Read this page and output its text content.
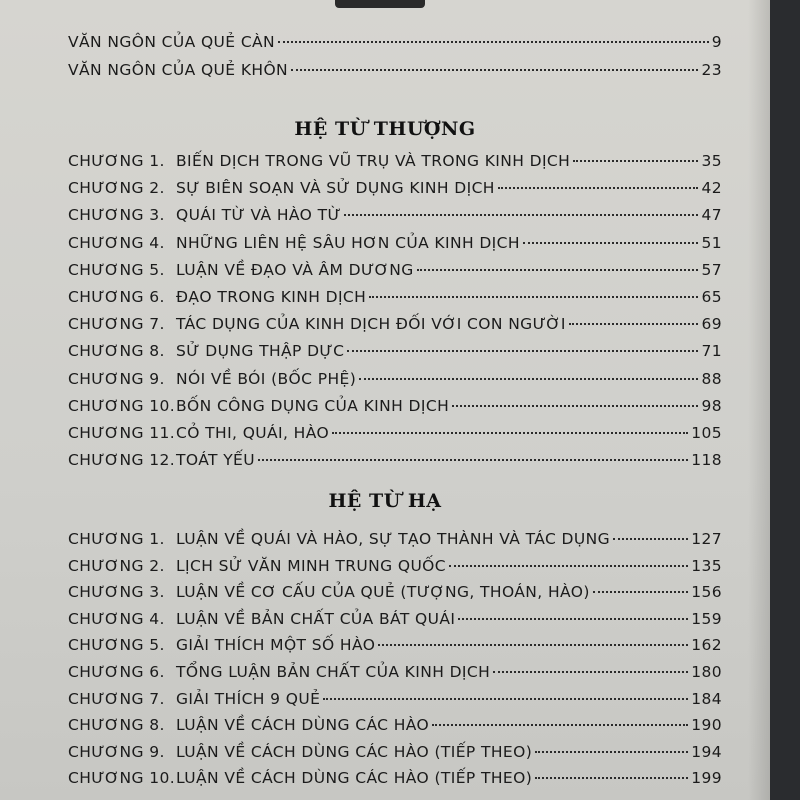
VĂN NGÔN CỦA QUẺ CÀN	9
VĂN NGÔN CỦA QUẺ KHÔN	23
HỆ TỪ THƯỢNG
CHƯƠNG 1. BIẾN DỊCH TRONG VŨ TRỤ VÀ TRONG KINH DỊCH	35
CHƯƠNG 2. SỰ BIÊN SOẠN VÀ SỬ DỤNG KINH DỊCH	42
CHƯƠNG 3. QUÁI TỪ VÀ HÀO TỪ	47
CHƯƠNG 4. NHỮNG LIÊN HỆ SÂU HƠN CỦA KINH DỊCH	51
CHƯƠNG 5. LUẬN VỀ ĐẠO VÀ ÂM DƯƠNG	57
CHƯƠNG 6. ĐẠO TRONG KINH DỊCH	65
CHƯƠNG 7. TÁC DỤNG CỦA KINH DỊCH ĐỐI VỚI CON NGƯỜI	69
CHƯƠNG 8. SỬ DỤNG THẬP DỰC	71
CHƯƠNG 9. NÓI VỀ BÓI (BỐC PHỆ)	88
CHƯƠNG 10. BỐN CÔNG DỤNG CỦA KINH DỊCH	98
CHƯƠNG 11. CỎ THI, QUÁI, HÀO	105
CHƯƠNG 12. TOÁT YẾU	118
HỆ TỪ HẠ
CHƯƠNG 1. LUẬN VỀ QUÁI VÀ HÀO, SỰ TẠO THÀNH VÀ TÁC DỤNG	127
CHƯƠNG 2. LỊCH SỬ VĂN MINH TRUNG QUỐC	135
CHƯƠNG 3. LUẬN VỀ CƠ CẤU CỦA QUẺ (TƯỢNG, THOÁN, HÀO)	156
CHƯƠNG 4. LUẬN VỀ BẢN CHẤT CỦA BÁT QUÁI	159
CHƯƠNG 5. GIẢI THÍCH MỘT SỐ HÀO	162
CHƯƠNG 6. TỔNG LUẬN BẢN CHẤT CỦA KINH DỊCH	180
CHƯƠNG 7. GIẢI THÍCH 9 QUẺ	184
CHƯƠNG 8. LUẬN VỀ CÁCH DÙNG CÁC HÀO	190
CHƯƠNG 9. LUẬN VỀ CÁCH DÙNG CÁC HÀO (TIẾP THEO)	194
CHƯƠNG 10. LUẬN VỀ CÁCH DÙNG CÁC HÀO (TIẾP THEO)	199
